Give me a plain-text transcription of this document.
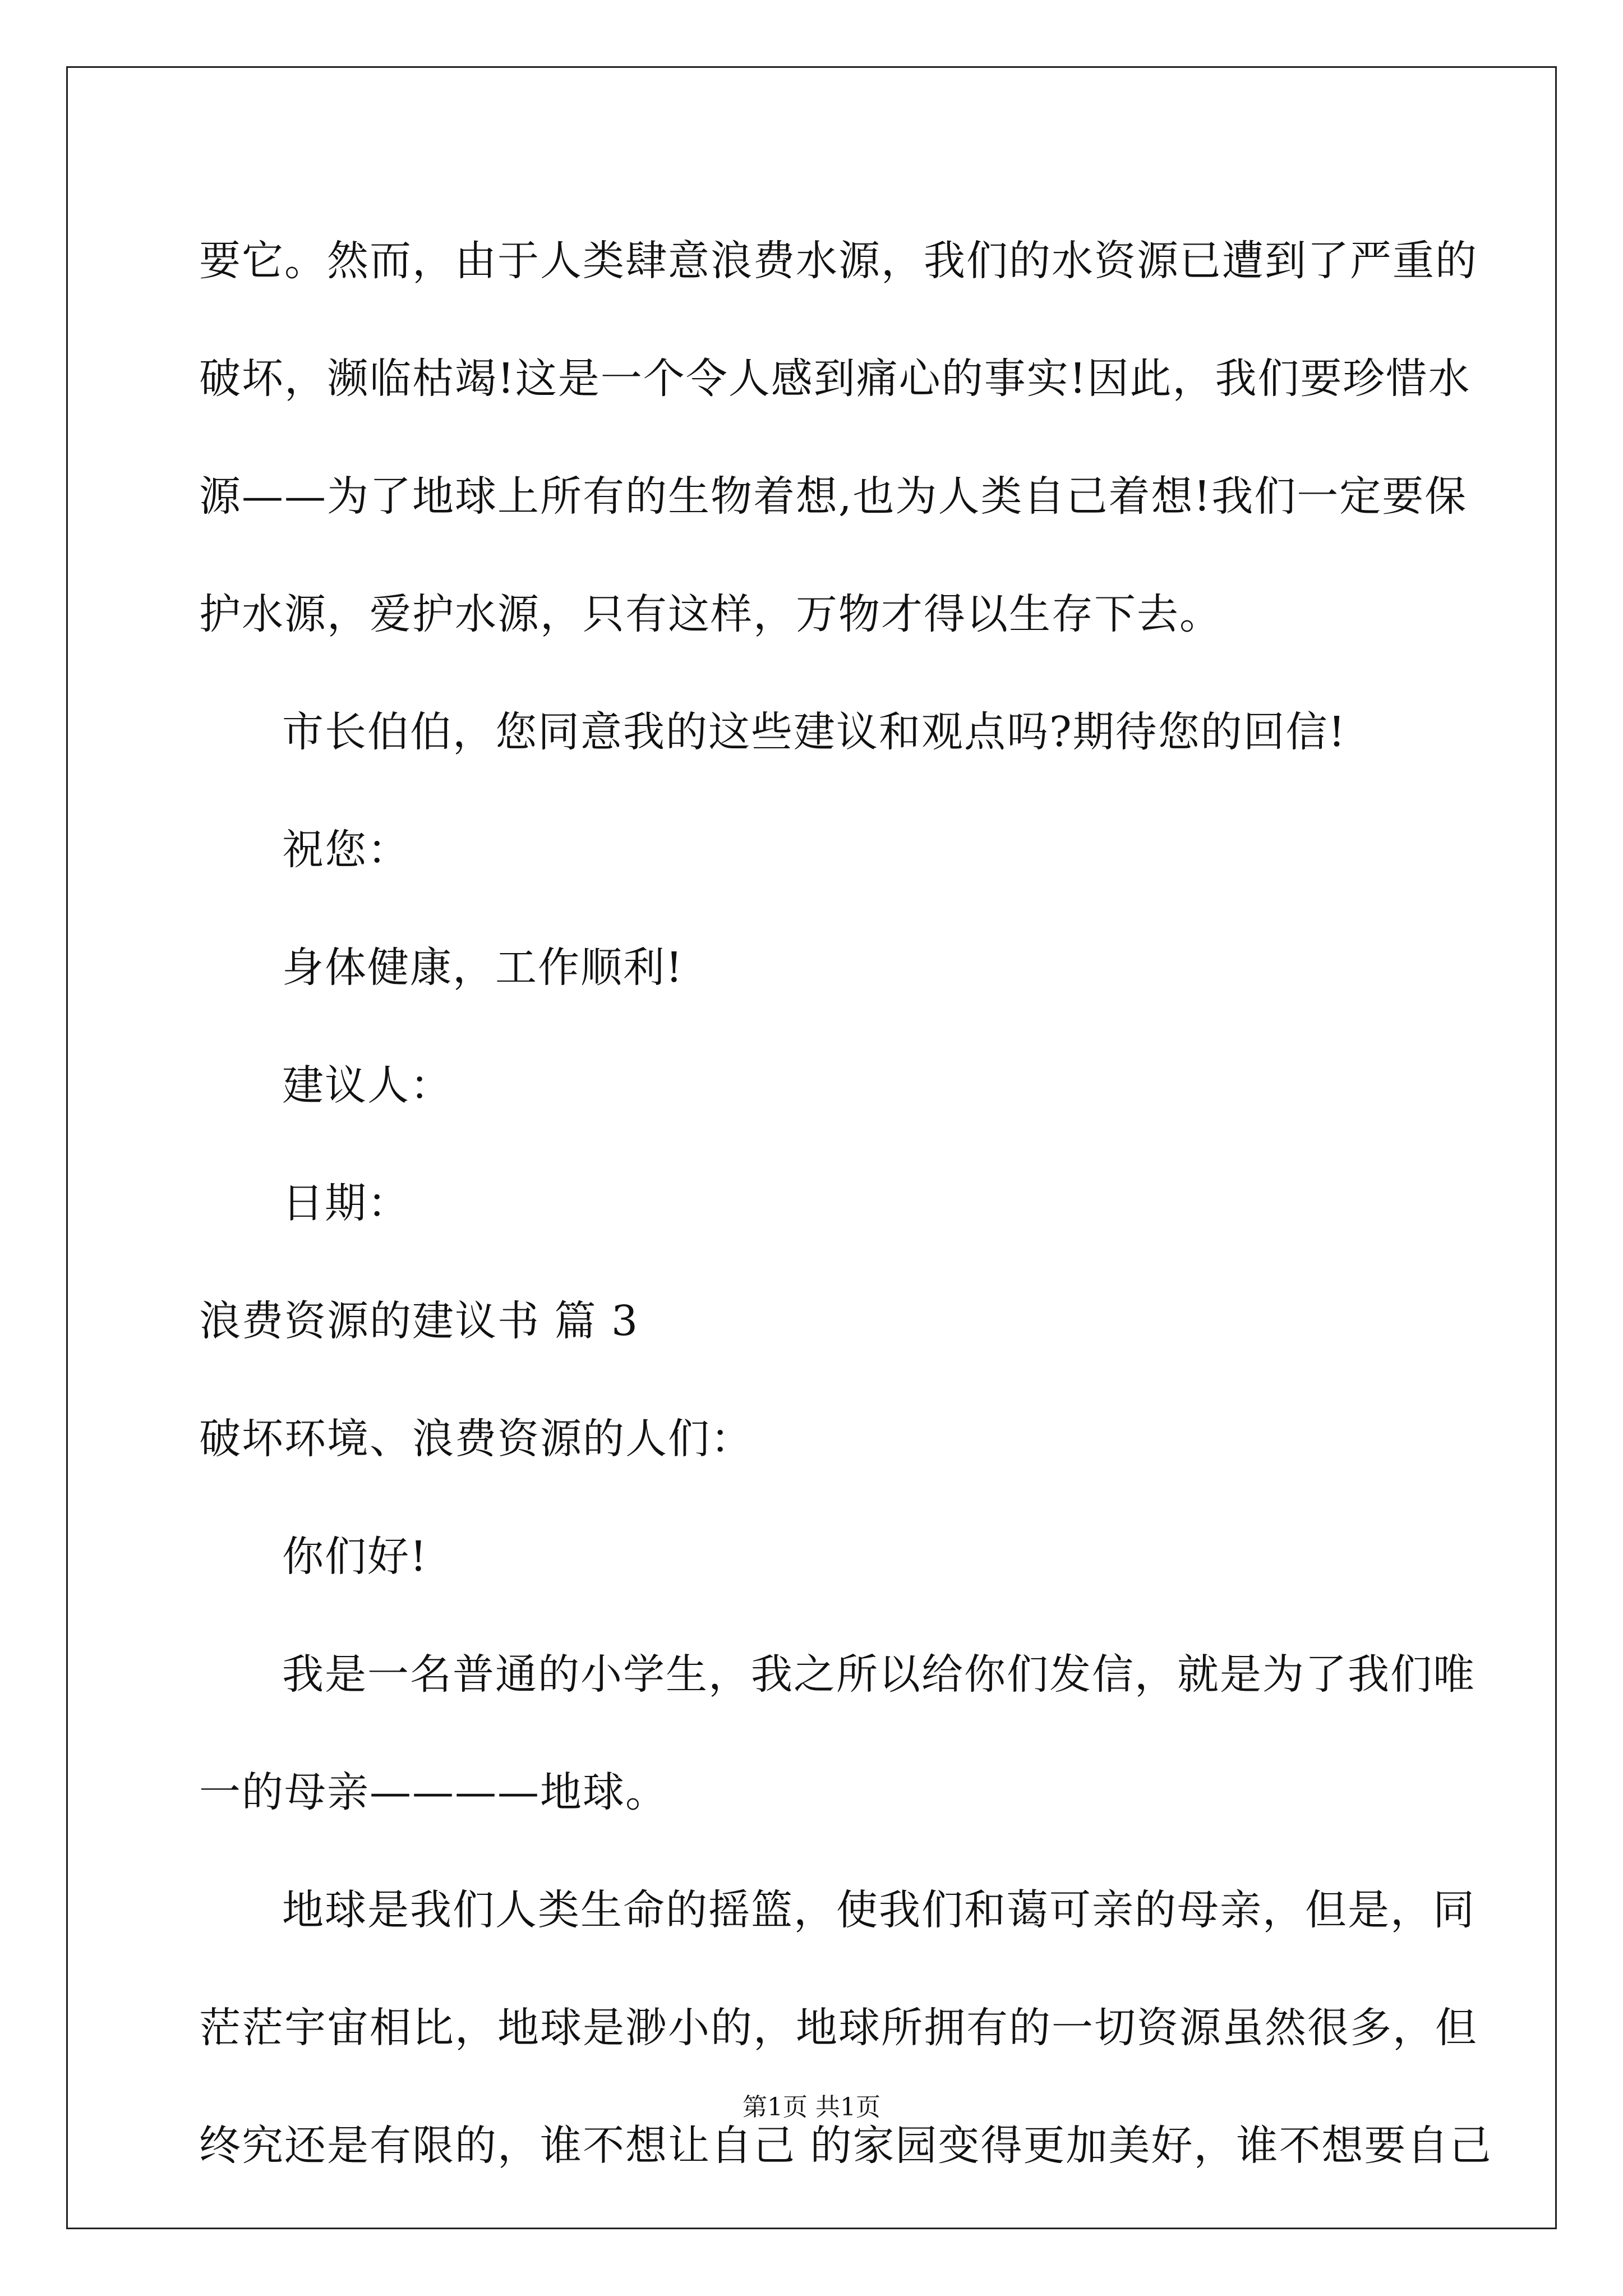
要它。然而，由于人类肆意浪费水源，我们的水资源已遭到了严重的
破坏，濒临枯竭!这是一个令人感到痛心的事实!因此，我们要珍惜水
源——为了地球上所有的生物着想,也为人类自己着想!我们一定要保
护水源，爱护水源，只有这样，万物才得以生存下去。

市长伯伯，您同意我的这些建议和观点吗?期待您的回信!

祝您：

身体健康，工作顺利!

建议人：

日期：

浪费资源的建议书 篇 3

破坏环境、浪费资源的人们：

你们好!

我是一名普通的小学生，我之所以给你们发信，就是为了我们唯
一的母亲————地球。

地球是我们人类生命的摇篮，使我们和蔼可亲的母亲，但是，同
茫茫宇宙相比，地球是渺小的，地球所拥有的一切资源虽然很多，但
终究还是有限的，谁不想让自己 的家园变得更加美好，谁不想要自己

第1页 共1页
